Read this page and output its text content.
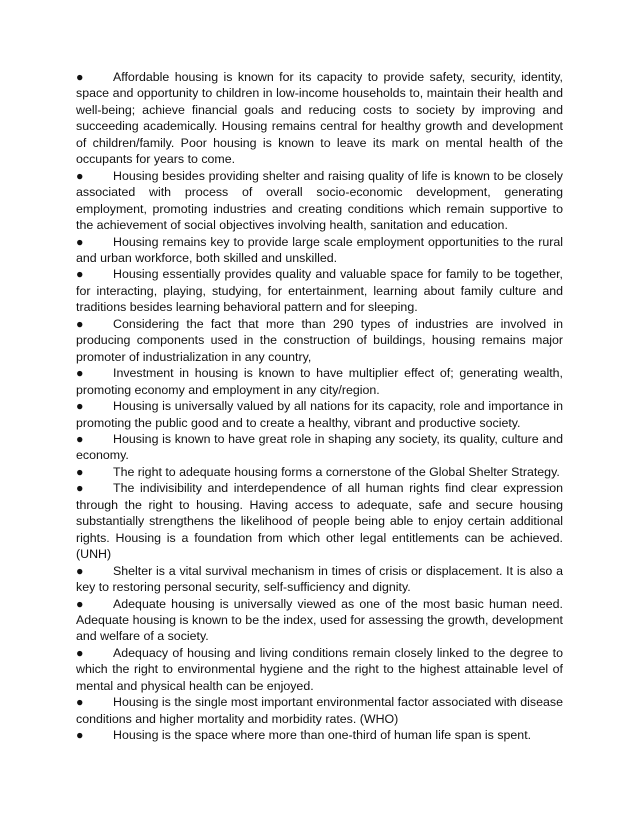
● Affordable housing is known for its capacity to provide safety, security, identity, space and opportunity to children in low-income households to, maintain their health and well-being; achieve financial goals and reducing costs to society by improving and succeeding academically. Housing remains central for healthy growth and development of children/family. Poor housing is known to leave its mark on mental health of the occupants for years to come.

● Housing besides providing shelter and raising quality of life is known to be closely associated with process of overall socio-economic development, generating employment, promoting industries and creating conditions which remain supportive to the achievement of social objectives involving health, sanitation and education.

● Housing remains key to provide large scale employment opportunities to the rural and urban workforce, both skilled and unskilled.

● Housing essentially provides quality and valuable space for family to be together, for interacting, playing, studying, for entertainment, learning about family culture and traditions besides learning behavioral pattern and for sleeping.

● Considering the fact that more than 290 types of industries are involved in producing components used in the construction of buildings, housing remains major promoter of industrialization in any country,

● Investment in housing is known to have multiplier effect of; generating wealth, promoting economy and employment in any city/region.

● Housing is universally valued by all nations for its capacity, role and importance in promoting the public good and to create a healthy, vibrant and productive society.

● Housing is known to have great role in shaping any society, its quality, culture and economy.

● The right to adequate housing forms a cornerstone of the Global Shelter Strategy.

● The indivisibility and interdependence of all human rights find clear expression through the right to housing. Having access to adequate, safe and secure housing substantially strengthens the likelihood of people being able to enjoy certain additional rights. Housing is a foundation from which other legal entitlements can be achieved. (UNH)

● Shelter is a vital survival mechanism in times of crisis or displacement. It is also a key to restoring personal security, self-sufficiency and dignity.

● Adequate housing is universally viewed as one of the most basic human need. Adequate housing is known to be the index, used for assessing the growth, development and welfare of a society.

● Adequacy of housing and living conditions remain closely linked to the degree to which the right to environmental hygiene and the right to the highest attainable level of mental and physical health can be enjoyed.

● Housing is the single most important environmental factor associated with disease conditions and higher mortality and morbidity rates. (WHO)

● Housing is the space where more than one-third of human life span is spent.
